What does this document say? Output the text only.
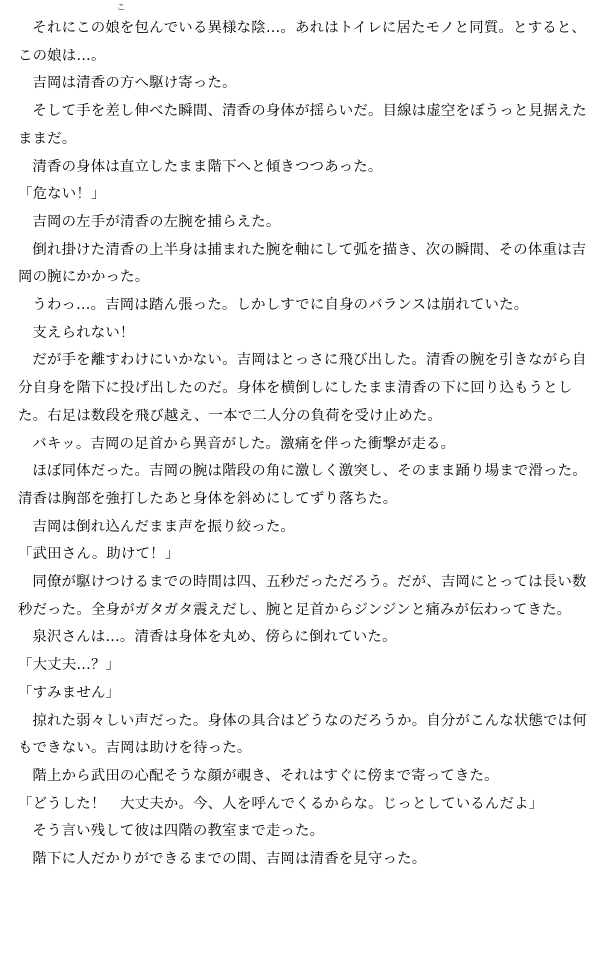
こ

それにこの娘を包んでいる異様な陰…。あれはトイレに居たモノと同質。とすると、この娘は…。

吉岡は清香の方へ駆け寄った。

そして手を差し伸べた瞬間、清香の身体が揺らいだ。目線は虚空をぼうっと見据えたままだ。

清香の身体は直立したまま階下へと傾きつつあった。

「危ない！」

吉岡の左手が清香の左腕を捕らえた。

倒れ掛けた清香の上半身は捕まれた腕を軸にして弧を描き、次の瞬間、その体重は吉岡の腕にかかった。

うわっ…。吉岡は踏ん張った。しかしすでに自身のバランスは崩れていた。

支えられない！

だが手を離すわけにいかない。吉岡はとっさに飛び出した。清香の腕を引きながら自分自身を階下に投げ出したのだ。身体を横倒しにしたまま清香の下に回り込もうとした。右足は数段を飛び越え、一本で二人分の負荷を受け止めた。

バキッ。吉岡の足首から異音がした。激痛を伴った衝撃が走る。

ほぼ同体だった。吉岡の腕は階段の角に激しく激突し、そのまま踊り場まで滑った。清香は胸部を強打したあと身体を斜めにしてずり落ちた。

吉岡は倒れ込んだまま声を振り絞った。

「武田さん。助けて！」

同僚が駆けつけるまでの時間は四、五秒だっただろう。だが、吉岡にとっては長い数秒だった。全身がガタガタ震えだし、腕と足首からジンジンと痛みが伝わってきた。

泉沢さんは…。清香は身体を丸め、傍らに倒れていた。

「大丈夫…？」

「すみません」

掠れた弱々しい声だった。身体の具合はどうなのだろうか。自分がこんな状態では何もできない。吉岡は助けを待った。

階上から武田の心配そうな顔が覗き、それはすぐに傍まで寄ってきた。

「どうした！　大丈夫か。今、人を呼んでくるからな。じっとしているんだよ」

そう言い残して彼は四階の教室まで走った。

階下に人だかりができるまでの間、吉岡は清香を見守った。
